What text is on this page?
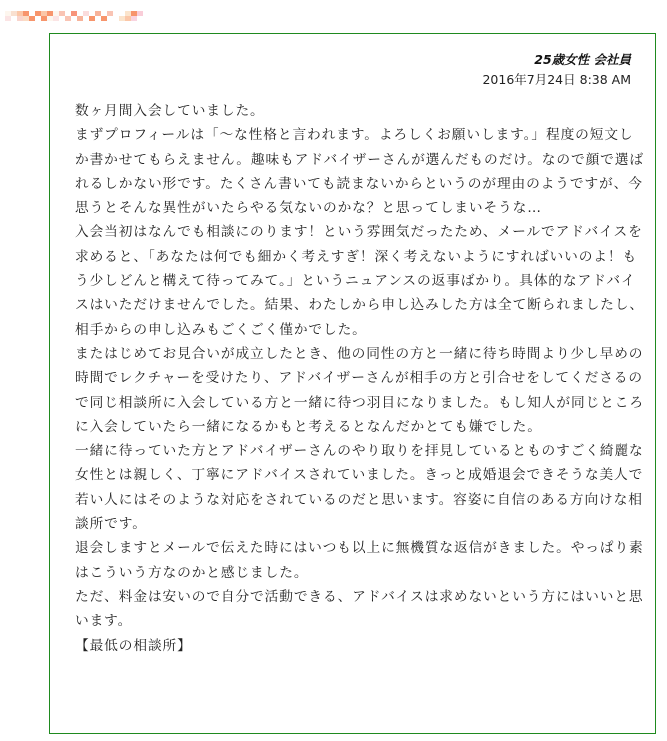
25歳女性 会社員
2016年7月24日 8:38 AM

数ヶ月間入会していました。

まずプロフィールは「〜な性格と言われます。よろしくお願いします。」程度の短文しか書かせてもらえません。趣味もアドバイザーさんが選んだものだけ。なので顔で選ばれるしかない形です。たくさん書いても読まないからというのが理由のようですが、今思うとそんな異性がいたらやる気ないのかな？と思ってしまいそうな…

入会当初はなんでも相談にのります！という雰囲気だったため、メールでアドバイスを求めると、「あなたは何でも細かく考えすぎ！深く考えないようにすればいいのよ！もう少しどんと構えて待ってみて。」というニュアンスの返事ばかり。具体的なアドバイスはいただけませんでした。結果、わたしから申し込みした方は全て断られましたし、相手からの申し込みもごくごく僅かでした。

またはじめてお見合いが成立したとき、他の同性の方と一緒に待ち時間より少し早めの時間でレクチャーを受けたり、アドバイザーさんが相手の方と引合せをしてくださるので同じ相談所に入会している方と一緒に待つ羽目になりました。もし知人が同じところに入会していたら一緒になるかもと考えるとなんだかとても嫌でした。

一緒に待っていた方とアドバイザーさんのやり取りを拝見しているとものすごく綺麗な女性とは親しく、丁寧にアドバイスされていました。きっと成婚退会できそうな美人で若い人にはそのような対応をされているのだと思います。容姿に自信のある方向けな相談所です。

退会しますとメールで伝えた時にはいつも以上に無機質な返信がきました。やっぱり素はこういう方なのかと感じました。

ただ、料金は安いので自分で活動できる、アドバイスは求めないという方にはいいと思います。

【最低の相談所】
